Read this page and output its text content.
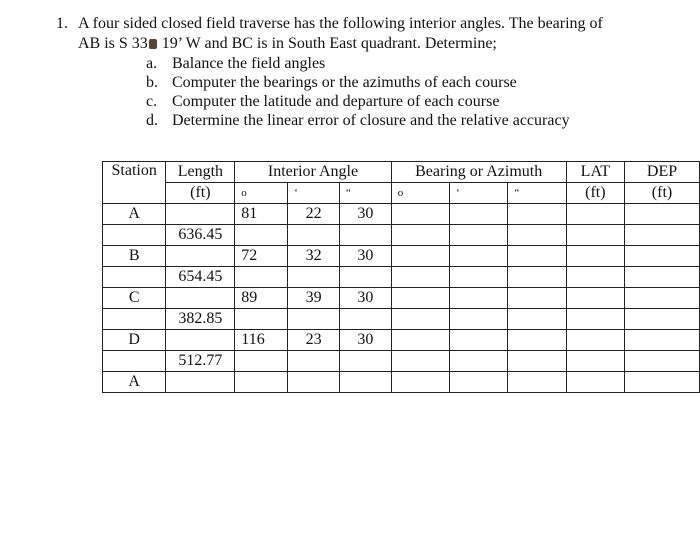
1. A four sided closed field traverse has the following interior angles. The bearing of
AB is S 33 19’ W and BC is in South East quadrant. Determine;
a. Balance the field angles
b. Computer the bearings or the azimuths of each course
c. Computer the latitude and departure of each course
d. Determine the linear error of closure and the relative accuracy
Station	Length	Interior Angle			Bearing or Azimuth			LAT	DEP
	(ft)	o	‘	“	o	‘	“	(ft)	(ft)
A		81	22	30					
	636.45								
B		72	32	30					
	654.45								
C		89	39	30					
	382.85								
D		116	23	30					
	512.77								
A									
